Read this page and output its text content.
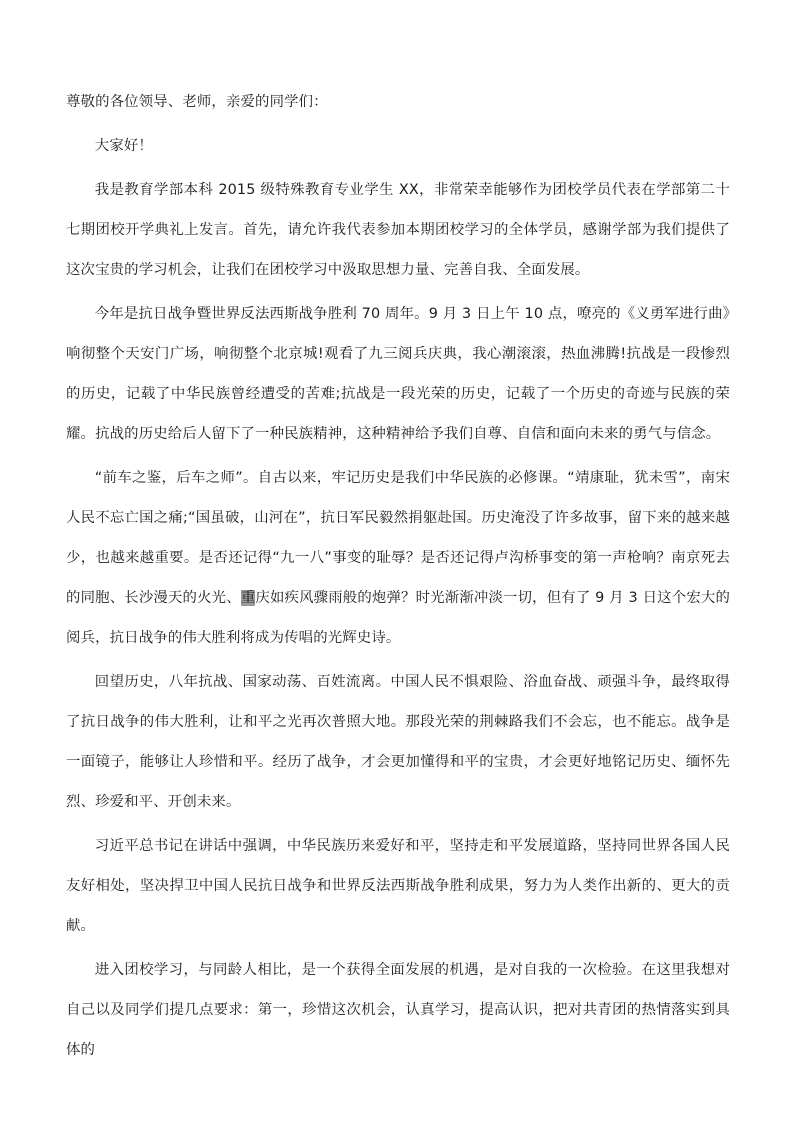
尊敬的各位领导、老师，亲爱的同学们：

大家好！

我是教育学部本科 2015 级特殊教育专业学生 XX，非常荣幸能够作为团校学员代表在学部第二十七期团校开学典礼上发言。首先，请允许我代表参加本期团校学习的全体学员，感谢学部为我们提供了这次宝贵的学习机会，让我们在团校学习中汲取思想力量、完善自我、全面发展。

今年是抗日战争暨世界反法西斯战争胜利 70 周年。9 月 3 日上午 10 点，嘹亮的《义勇军进行曲》响彻整个天安门广场，响彻整个北京城!观看了九三阅兵庆典，我心潮滚滚，热血沸腾!抗战是一段惨烈的历史，记载了中华民族曾经遭受的苦难;抗战是一段光荣的历史，记载了一个历史的奇迹与民族的荣耀。抗战的历史给后人留下了一种民族精神，这种精神给予我们自尊、自信和面向未来的勇气与信念。

“前车之鉴，后车之师”。自古以来，牢记历史是我们中华民族的必修课。“靖康耻，犹未雪”，南宋人民不忘亡国之痛;“国虽破，山河在”，抗日军民毅然捐躯赴国。历史淹没了许多故事，留下来的越来越少，也越来越重要。是否还记得“九一八”事变的耻辱？是否还记得卢沟桥事变的第一声枪响？南京死去的同胞、长沙漫天的火光、重庆如疾风骤雨般的炮弹？时光渐渐冲淡一切，但有了 9 月 3 日这个宏大的阅兵，抗日战争的伟大胜利将成为传唱的光辉史诗。

回望历史，八年抗战、国家动荡、百姓流离。中国人民不惧艰险、浴血奋战、顽强斗争，最终取得了抗日战争的伟大胜利，让和平之光再次普照大地。那段光荣的荆棘路我们不会忘，也不能忘。战争是一面镜子，能够让人珍惜和平。经历了战争，才会更加懂得和平的宝贵，才会更好地铭记历史、缅怀先烈、珍爱和平、开创未来。

习近平总书记在讲话中强调，中华民族历来爱好和平，坚持走和平发展道路，坚持同世界各国人民友好相处，坚决捍卫中国人民抗日战争和世界反法西斯战争胜利成果，努力为人类作出新的、更大的贡献。

进入团校学习，与同龄人相比，是一个获得全面发展的机遇，是对自我的一次检验。在这里我想对自己以及同学们提几点要求：第一，珍惜这次机会，认真学习，提高认识，把对共青团的热情落实到具体的
